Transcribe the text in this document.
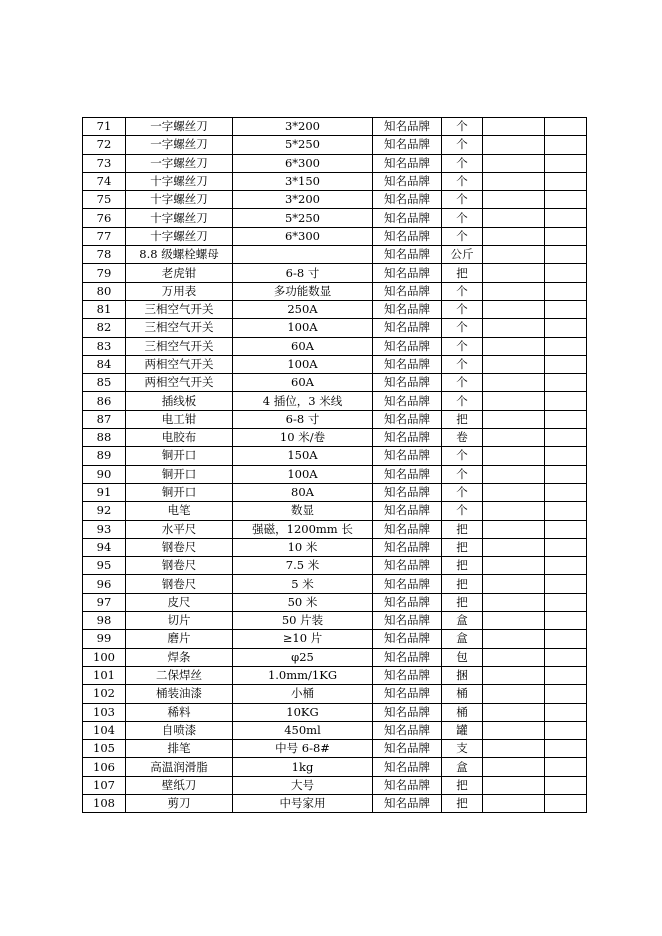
71	一字螺丝刀	3*200	知名品牌	个		
72	一字螺丝刀	5*250	知名品牌	个		
73	一字螺丝刀	6*300	知名品牌	个		
74	十字螺丝刀	3*150	知名品牌	个		
75	十字螺丝刀	3*200	知名品牌	个		
76	十字螺丝刀	5*250	知名品牌	个		
77	十字螺丝刀	6*300	知名品牌	个		
78	8.8 级螺栓螺母		知名品牌	公斤		
79	老虎钳	6-8 寸	知名品牌	把		
80	万用表	多功能数显	知名品牌	个		
81	三相空气开关	250A	知名品牌	个		
82	三相空气开关	100A	知名品牌	个		
83	三相空气开关	60A	知名品牌	个		
84	两相空气开关	100A	知名品牌	个		
85	两相空气开关	60A	知名品牌	个		
86	插线板	4 插位，3 米线	知名品牌	个		
87	电工钳	6-8 寸	知名品牌	把		
88	电胶布	10 米/卷	知名品牌	卷		
89	铜开口	150A	知名品牌	个		
90	铜开口	100A	知名品牌	个		
91	铜开口	80A	知名品牌	个		
92	电笔	数显	知名品牌	个		
93	水平尺	强磁，1200mm 长	知名品牌	把		
94	钢卷尺	10 米	知名品牌	把		
95	钢卷尺	7.5 米	知名品牌	把		
96	钢卷尺	5 米	知名品牌	把		
97	皮尺	50 米	知名品牌	把		
98	切片	50 片装	知名品牌	盒		
99	磨片	≥10 片	知名品牌	盒		
100	焊条	φ25	知名品牌	包		
101	二保焊丝	1.0mm/1KG	知名品牌	捆		
102	桶装油漆	小桶	知名品牌	桶		
103	稀料	10KG	知名品牌	桶		
104	自喷漆	450ml	知名品牌	罐		
105	排笔	中号 6-8#	知名品牌	支		
106	高温润滑脂	1kg	知名品牌	盒		
107	壁纸刀	大号	知名品牌	把		
108	剪刀	中号家用	知名品牌	把		
